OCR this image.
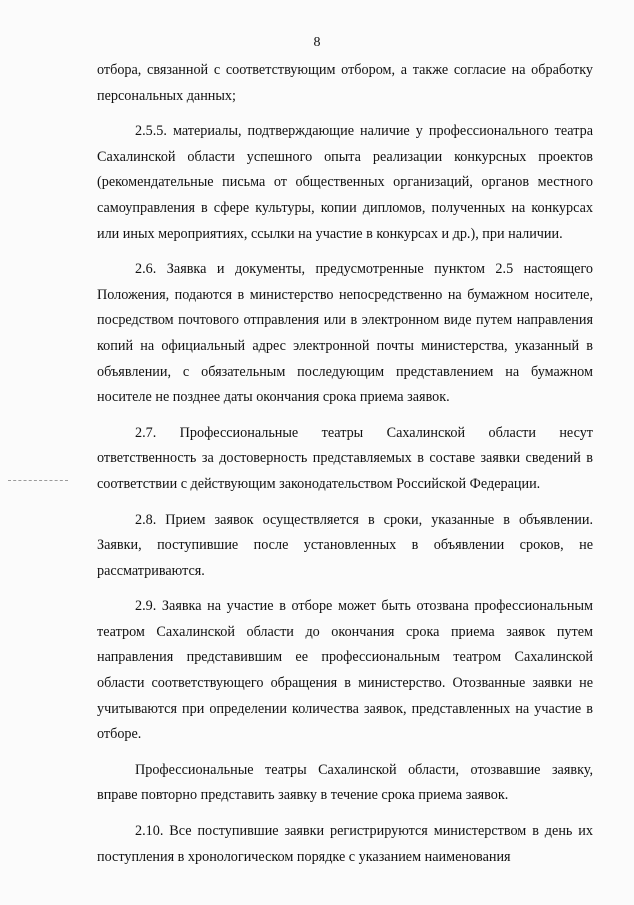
8

отбора, связанной с соответствующим отбором, а также согласие на обработку персональных данных;

2.5.5. материалы, подтверждающие наличие у профессионального театра Сахалинской области успешного опыта реализации конкурсных проектов (рекомендательные письма от общественных организаций, органов местного самоуправления в сфере культуры, копии дипломов, полученных на конкурсах или иных мероприятиях, ссылки на участие в конкурсах и др.), при наличии.

2.6. Заявка и документы, предусмотренные пунктом 2.5 настоящего Положения, подаются в министерство непосредственно на бумажном носителе, посредством почтового отправления или в электронном виде путем направления копий на официальный адрес электронной почты министерства, указанный в объявлении, с обязательным последующим представлением на бумажном носителе не позднее даты окончания срока приема заявок.

2.7. Профессиональные театры Сахалинской области несут ответственность за достоверность представляемых в составе заявки сведений в соответствии с действующим законодательством Российской Федерации.

2.8. Прием заявок осуществляется в сроки, указанные в объявлении. Заявки, поступившие после установленных в объявлении сроков, не рассматриваются.

2.9. Заявка на участие в отборе может быть отозвана профессиональным театром Сахалинской области до окончания срока приема заявок путем направления представившим ее профессиональным театром Сахалинской области соответствующего обращения в министерство. Отозванные заявки не учитываются при определении количества заявок, представленных на участие в отборе.

Профессиональные театры Сахалинской области, отозвавшие заявку, вправе повторно представить заявку в течение срока приема заявок.

2.10. Все поступившие заявки регистрируются министерством в день их поступления в хронологическом порядке с указанием наименования
